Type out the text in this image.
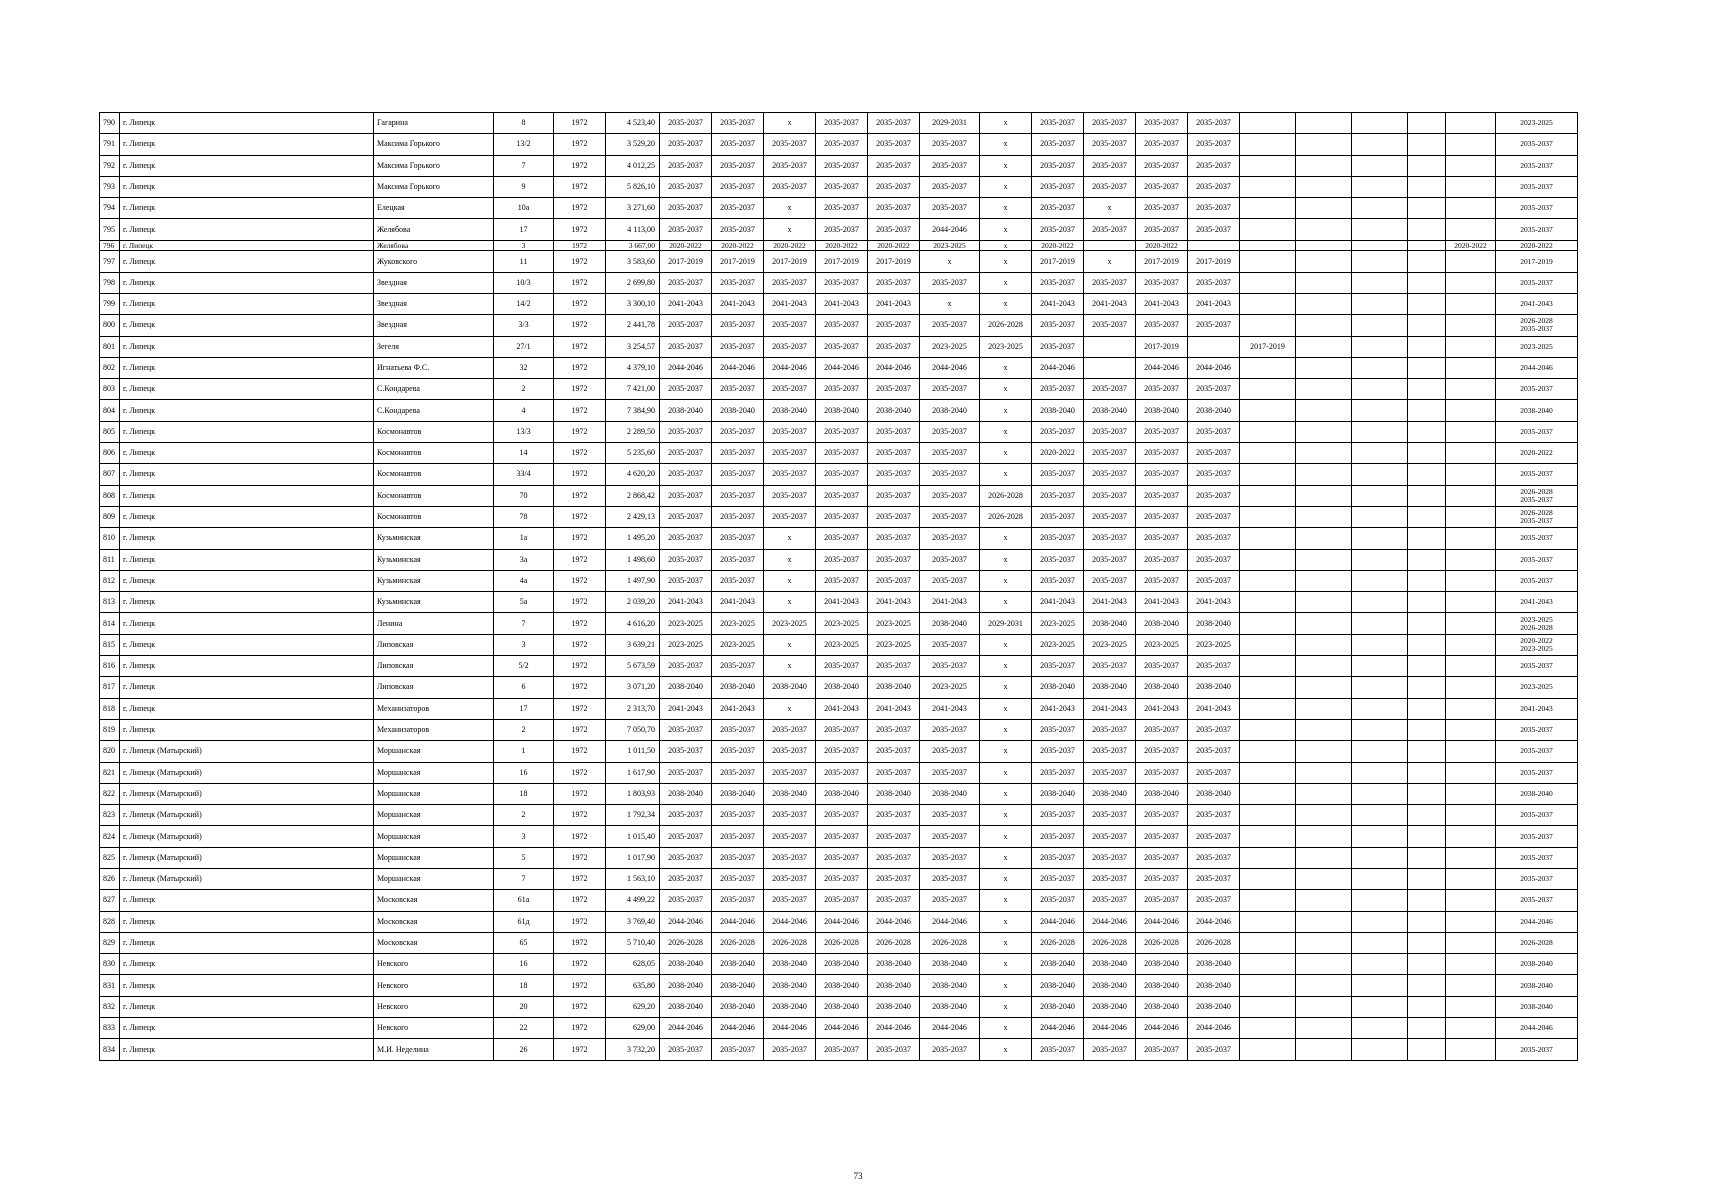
790	г. Липецк	Гагарина	8	1972	4 523,40	2035-2037	2035-2037	x	2035-2037	2035-2037	2029-2031	x	2035-2037	2035-2037	2035-2037	2035-2037						2023-2025

791	г. Липецк	Максима Горького	13/2	1972	3 529,20	2035-2037	2035-2037	2035-2037	2035-2037	2035-2037	2035-2037	x	2035-2037	2035-2037	2035-2037	2035-2037						2035-2037

792	г. Липецк	Максима Горького	7	1972	4 012,25	2035-2037	2035-2037	2035-2037	2035-2037	2035-2037	2035-2037	x	2035-2037	2035-2037	2035-2037	2035-2037						2035-2037

793	г. Липецк	Максима Горького	9	1972	5 826,10	2035-2037	2035-2037	2035-2037	2035-2037	2035-2037	2035-2037	x	2035-2037	2035-2037	2035-2037	2035-2037						2035-2037

794	г. Липецк	Елецкая	10а	1972	3 271,60	2035-2037	2035-2037	x	2035-2037	2035-2037	2035-2037	x	2035-2037	x	2035-2037	2035-2037						2035-2037

795	г. Липецк	Желябова	17	1972	4 113,00	2035-2037	2035-2037	x	2035-2037	2035-2037	2044-2046	x	2035-2037	2035-2037	2035-2037	2035-2037						2035-2037

796	г. Липецк	Желябова	3	1972	3 667,00	2020-2022	2020-2022	2020-2022	2020-2022	2020-2022	2023-2025	x	2020-2022		2020-2022						2020-2022	2020-2022

797	г. Липецк	Жуковского	11	1972	3 583,60	2017-2019	2017-2019	2017-2019	2017-2019	2017-2019	x	x	2017-2019	x	2017-2019	2017-2019						2017-2019

798	г. Липецк	Звездная	10/3	1972	2 699,80	2035-2037	2035-2037	2035-2037	2035-2037	2035-2037	2035-2037	x	2035-2037	2035-2037	2035-2037	2035-2037						2035-2037

799	г. Липецк	Звездная	14/2	1972	3 300,10	2041-2043	2041-2043	2041-2043	2041-2043	2041-2043	x	x	2041-2043	2041-2043	2041-2043	2041-2043						2041-2043

800	г. Липецк	Звездная	3/3	1972	2 441,78	2035-2037	2035-2037	2035-2037	2035-2037	2035-2037	2035-2037	2026-2028	2035-2037	2035-2037	2035-2037	2035-2037						2026-2028
2035-2037

801	г. Липецк	Зегеля	27/1	1972	3 254,57	2035-2037	2035-2037	2035-2037	2035-2037	2035-2037	2023-2025	2023-2025	2035-2037		2017-2019		2017-2019					2023-2025

802	г. Липецк	Игнатьева Ф.С.	32	1972	4 379,10	2044-2046	2044-2046	2044-2046	2044-2046	2044-2046	2044-2046	x	2044-2046		2044-2046	2044-2046						2044-2046

803	г. Липецк	С.Кондарева	2	1972	7 421,00	2035-2037	2035-2037	2035-2037	2035-2037	2035-2037	2035-2037	x	2035-2037	2035-2037	2035-2037	2035-2037						2035-2037

804	г. Липецк	С.Кондарева	4	1972	7 384,90	2038-2040	2038-2040	2038-2040	2038-2040	2038-2040	2038-2040	x	2038-2040	2038-2040	2038-2040	2038-2040						2038-2040

805	г. Липецк	Космонавтов	13/3	1972	2 289,50	2035-2037	2035-2037	2035-2037	2035-2037	2035-2037	2035-2037	x	2035-2037	2035-2037	2035-2037	2035-2037						2035-2037

806	г. Липецк	Космонавтов	14	1972	5 235,60	2035-2037	2035-2037	2035-2037	2035-2037	2035-2037	2035-2037	x	2020-2022	2035-2037	2035-2037	2035-2037						2020-2022

807	г. Липецк	Космонавтов	33/4	1972	4 620,20	2035-2037	2035-2037	2035-2037	2035-2037	2035-2037	2035-2037	x	2035-2037	2035-2037	2035-2037	2035-2037						2035-2037

808	г. Липецк	Космонавтов	70	1972	2 868,42	2035-2037	2035-2037	2035-2037	2035-2037	2035-2037	2035-2037	2026-2028	2035-2037	2035-2037	2035-2037	2035-2037						2026-2028
2035-2037

809	г. Липецк	Космонавтов	78	1972	2 429,13	2035-2037	2035-2037	2035-2037	2035-2037	2035-2037	2035-2037	2026-2028	2035-2037	2035-2037	2035-2037	2035-2037						2026-2028
2035-2037

810	г. Липецк	Кузьминская	1а	1972	1 495,20	2035-2037	2035-2037	x	2035-2037	2035-2037	2035-2037	x	2035-2037	2035-2037	2035-2037	2035-2037						2035-2037

811	г. Липецк	Кузьминская	3а	1972	1 498,60	2035-2037	2035-2037	x	2035-2037	2035-2037	2035-2037	x	2035-2037	2035-2037	2035-2037	2035-2037						2035-2037

812	г. Липецк	Кузьминская	4а	1972	1 497,90	2035-2037	2035-2037	x	2035-2037	2035-2037	2035-2037	x	2035-2037	2035-2037	2035-2037	2035-2037						2035-2037

813	г. Липецк	Кузьминская	5а	1972	2 039,20	2041-2043	2041-2043	x	2041-2043	2041-2043	2041-2043	x	2041-2043	2041-2043	2041-2043	2041-2043						2041-2043

814	г. Липецк	Ленина	7	1972	4 616,20	2023-2025	2023-2025	2023-2025	2023-2025	2023-2025	2038-2040	2029-2031	2023-2025	2038-2040	2038-2040	2038-2040						2023-2025
2026-2028

815	г. Липецк	Липовская	3	1972	3 639,21	2023-2025	2023-2025	x	2023-2025	2023-2025	2035-2037	x	2023-2025	2023-2025	2023-2025	2023-2025						2020-2022
2023-2025

816	г. Липецк	Липовская	5/2	1972	5 673,59	2035-2037	2035-2037	x	2035-2037	2035-2037	2035-2037	x	2035-2037	2035-2037	2035-2037	2035-2037						2035-2037

817	г. Липецк	Липовская	6	1972	3 071,20	2038-2040	2038-2040	2038-2040	2038-2040	2038-2040	2023-2025	x	2038-2040	2038-2040	2038-2040	2038-2040						2023-2025

818	г. Липецк	Механизаторов	17	1972	2 313,70	2041-2043	2041-2043	x	2041-2043	2041-2043	2041-2043	x	2041-2043	2041-2043	2041-2043	2041-2043						2041-2043

819	г. Липецк	Механизаторов	2	1972	7 050,70	2035-2037	2035-2037	2035-2037	2035-2037	2035-2037	2035-2037	x	2035-2037	2035-2037	2035-2037	2035-2037						2035-2037

820	г. Липецк (Матырский)	Моршанская	1	1972	1 011,50	2035-2037	2035-2037	2035-2037	2035-2037	2035-2037	2035-2037	x	2035-2037	2035-2037	2035-2037	2035-2037						2035-2037

821	г. Липецк (Матырский)	Моршанская	16	1972	1 617,90	2035-2037	2035-2037	2035-2037	2035-2037	2035-2037	2035-2037	x	2035-2037	2035-2037	2035-2037	2035-2037						2035-2037

822	г. Липецк (Матырский)	Моршанская	18	1972	1 803,93	2038-2040	2038-2040	2038-2040	2038-2040	2038-2040	2038-2040	x	2038-2040	2038-2040	2038-2040	2038-2040						2038-2040

823	г. Липецк (Матырский)	Моршанская	2	1972	1 792,34	2035-2037	2035-2037	2035-2037	2035-2037	2035-2037	2035-2037	x	2035-2037	2035-2037	2035-2037	2035-2037						2035-2037

824	г. Липецк (Матырский)	Моршанская	3	1972	1 015,40	2035-2037	2035-2037	2035-2037	2035-2037	2035-2037	2035-2037	x	2035-2037	2035-2037	2035-2037	2035-2037						2035-2037

825	г. Липецк (Матырский)	Моршанская	5	1972	1 017,90	2035-2037	2035-2037	2035-2037	2035-2037	2035-2037	2035-2037	x	2035-2037	2035-2037	2035-2037	2035-2037						2035-2037

826	г. Липецк (Матырский)	Моршанская	7	1972	1 563,10	2035-2037	2035-2037	2035-2037	2035-2037	2035-2037	2035-2037	x	2035-2037	2035-2037	2035-2037	2035-2037						2035-2037

827	г. Липецк	Московская	61а	1972	4 499,22	2035-2037	2035-2037	2035-2037	2035-2037	2035-2037	2035-2037	x	2035-2037	2035-2037	2035-2037	2035-2037						2035-2037

828	г. Липецк	Московская	61д	1972	3 769,40	2044-2046	2044-2046	2044-2046	2044-2046	2044-2046	2044-2046	x	2044-2046	2044-2046	2044-2046	2044-2046						2044-2046

829	г. Липецк	Московская	65	1972	5 710,40	2026-2028	2026-2028	2026-2028	2026-2028	2026-2028	2026-2028	x	2026-2028	2026-2028	2026-2028	2026-2028						2026-2028

830	г. Липецк	Невского	16	1972	628,05	2038-2040	2038-2040	2038-2040	2038-2040	2038-2040	2038-2040	x	2038-2040	2038-2040	2038-2040	2038-2040						2038-2040

831	г. Липецк	Невского	18	1972	635,80	2038-2040	2038-2040	2038-2040	2038-2040	2038-2040	2038-2040	x	2038-2040	2038-2040	2038-2040	2038-2040						2038-2040

832	г. Липецк	Невского	20	1972	629,20	2038-2040	2038-2040	2038-2040	2038-2040	2038-2040	2038-2040	x	2038-2040	2038-2040	2038-2040	2038-2040						2038-2040

833	г. Липецк	Невского	22	1972	629,00	2044-2046	2044-2046	2044-2046	2044-2046	2044-2046	2044-2046	x	2044-2046	2044-2046	2044-2046	2044-2046						2044-2046

834	г. Липецк	М.И. Неделина	26	1972	3 732,20	2035-2037	2035-2037	2035-2037	2035-2037	2035-2037	2035-2037	x	2035-2037	2035-2037	2035-2037	2035-2037						2035-2037
73
